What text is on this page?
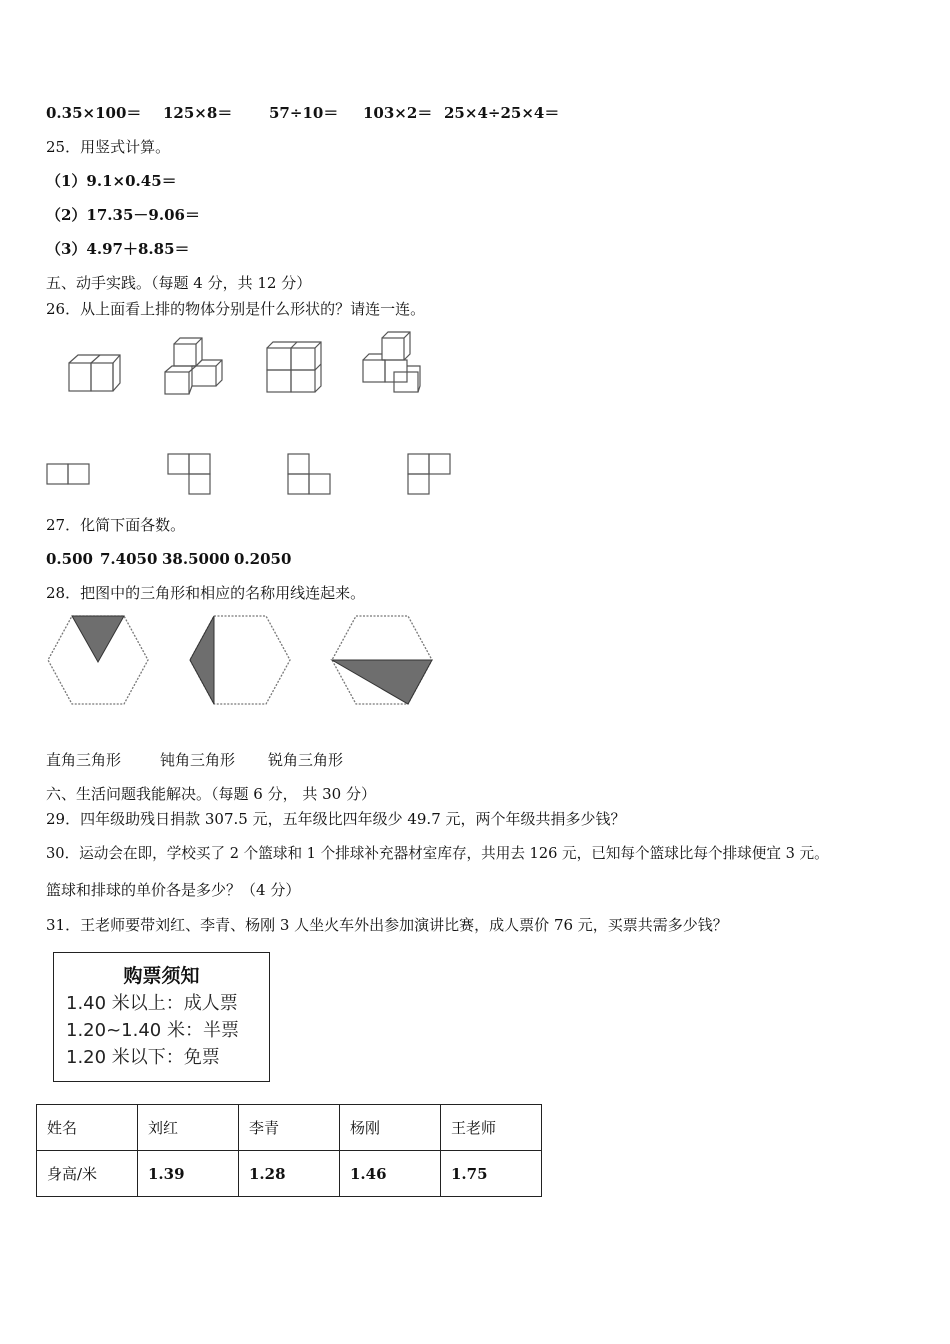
0.35×100＝ 125×8＝ 57÷10＝ 103×2＝ 25×4÷25×4＝
25．用竖式计算。
（1）9.1×0.45＝
（2）17.35－9.06＝
（3）4.97＋8.85＝
五、动手实践。（每题 4 分，共 12 分）
26．从上面看上排的物体分别是什么形状的？请连一连。
27．化简下面各数。
0.500 7.4050 38.5000 0.2050
28．把图中的三角形和相应的名称用线连起来。
直角三角形	钝角三角形 锐角三角形
六、生活问题我能解决。（每题 6 分， 共 30 分）
29．四年级助残日捐款 307.5 元，五年级比四年级少 49.7 元，两个年级共捐多少钱？
30．运动会在即，学校买了 2 个篮球和 1 个排球补充器材室库存，共用去 126 元，已知每个篮球比每个排球便宜 3 元。
篮球和排球的单价各是多少？（4 分）
31．王老师要带刘红、李青、杨刚 3 人坐火车外出参加演讲比赛，成人票价 76 元，买票共需多少钱？
购票须知
1.40 米以上：成人票
1.20~1.40 米：半票
1.20 米以下：免票
姓名	刘红	李青	杨刚	王老师
身高/米	1.39	1.28	1.46	1.75
